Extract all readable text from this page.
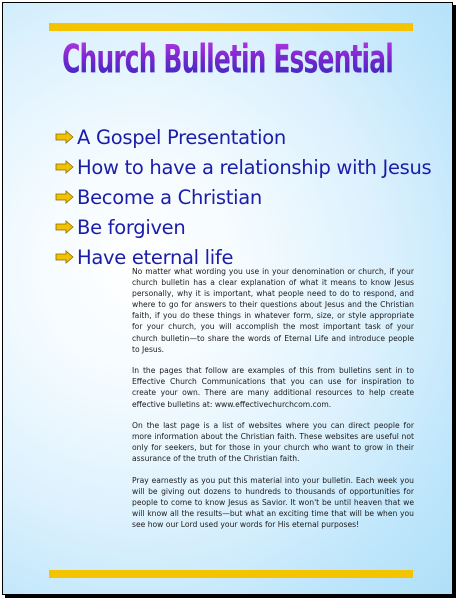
Church Bulletin Essential
A Gospel Presentation
How to have a relationship with Jesus
Become a Christian
Be forgiven
Have eternal life

No matter what wording you use in your denomination or church, if your church bulletin has a clear explanation of what it means to know Jesus personally, why it is important, what people need to do to respond, and where to go for answers to their questions about Jesus and the Christian faith, if you do these things in whatever form, size, or style appropriate for your church, you will accomplish the most important task of your church bulletin—to share the words of Eternal Life and introduce people to Jesus.

In the pages that follow are examples of this from bulletins sent in to Effective Church Communications that you can use for inspiration to create your own. There are many additional resources to help create effective bulletins at: www.effectivechurchcom.com.

On the last page is a list of websites where you can direct people for more information about the Christian faith. These websites are useful not only for seekers, but for those in your church who want to grow in their assurance of the truth of the Christian faith.

Pray earnestly as you put this material into your bulletin. Each week you will be giving out dozens to hundreds to thousands of opportunities for people to come to know Jesus as Savior. It won't be until heaven that we will know all the results—but what an exciting time that will be when you see how our Lord used your words for His eternal purposes!
